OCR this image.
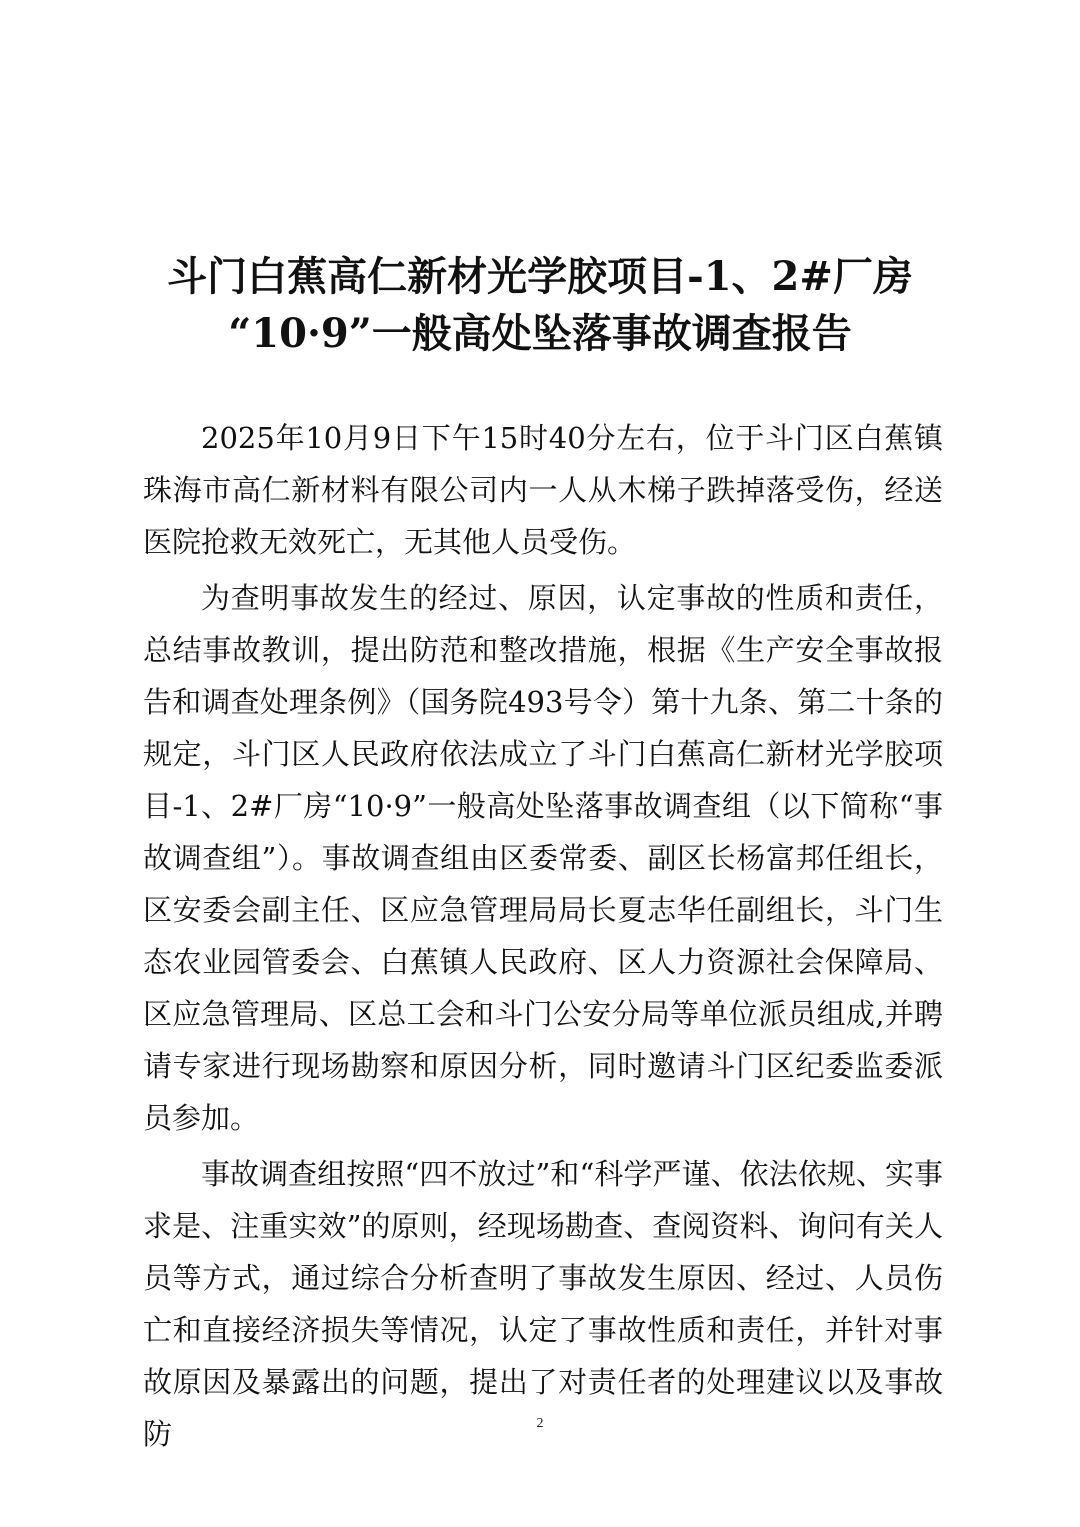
斗门白蕉高仁新材光学胶项目-1、2#厂房
“10·9”一般高处坠落事故调查报告

2025年10月9日下午15时40分左右，位于斗门区白蕉镇珠海市高仁新材料有限公司内一人从木梯子跌掉落受伤，经送医院抢救无效死亡，无其他人员受伤。

为查明事故发生的经过、原因，认定事故的性质和责任，总结事故教训，提出防范和整改措施，根据《生产安全事故报告和调查处理条例》（国务院493号令）第十九条、第二十条的规定，斗门区人民政府依法成立了斗门白蕉高仁新材光学胶项目-1、2#厂房“10·9”一般高处坠落事故调查组（以下简称“事故调查组”）。事故调查组由区委常委、副区长杨富邦任组长，区安委会副主任、区应急管理局局长夏志华任副组长，斗门生态农业园管委会、白蕉镇人民政府、区人力资源社会保障局、区应急管理局、区总工会和斗门公安分局等单位派员组成,并聘请专家进行现场勘察和原因分析，同时邀请斗门区纪委监委派员参加。

事故调查组按照“四不放过”和“科学严谨、依法依规、实事求是、注重实效”的原则，经现场勘查、查阅资料、询问有关人员等方式，通过综合分析查明了事故发生原因、经过、人员伤亡和直接经济损失等情况，认定了事故性质和责任，并针对事故原因及暴露出的问题，提出了对责任者的处理建议以及事故防	2
